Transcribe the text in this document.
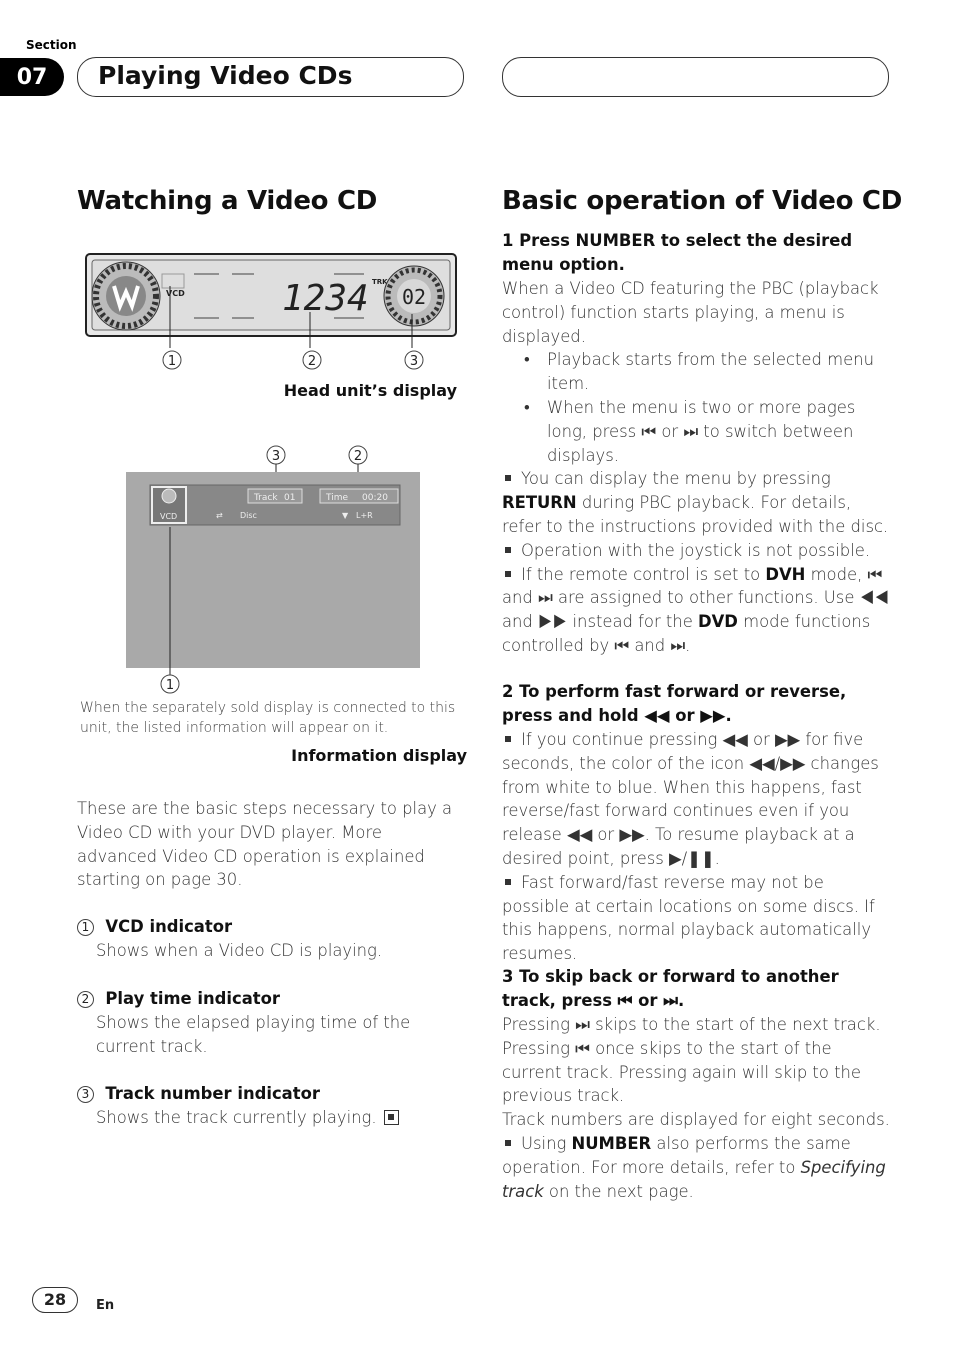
Section
07	Playing Video CDs
Watching a Video CD
VCD	1234 TRK
02
1	2	3
Head unit’s display
3	2
VCD
Track 01	Time 00:20
⇄ Disc	▼ L+R
1
When the separately sold display is connected to this unit, the listed information will appear on it.
Information display
These are the basic steps necessary to play a Video CD with your DVD player. More advanced Video CD operation is explained starting on page 30.
1 VCD indicator
Shows when a Video CD is playing.
2 Play time indicator
Shows the elapsed playing time of the current track.
3 Track number indicator
Shows the track currently playing.
Basic operation of Video CD
1 Press NUMBER to select the desired menu option.
When a Video CD featuring the PBC (playback control) function starts playing, a menu is displayed.
• Playback starts from the selected menu item.
• When the menu is two or more pages long, press ⏮ or ⏭ to switch between displays.
You can display the menu by pressing RETURN during PBC playback. For details, refer to the instructions provided with the disc.
Operation with the joystick is not possible.
If the remote control is set to DVH mode, ⏮ and ⏭ are assigned to other functions. Use ◀◀ and ▶▶ instead for the DVD mode functions controlled by ⏮ and ⏭.
2 To perform fast forward or reverse, press and hold ◀◀ or ▶▶.
If you continue pressing ◀◀ or ▶▶ for five seconds, the color of the icon ◀◀/▶▶ changes from white to blue. When this happens, fast reverse/fast forward continues even if you release ◀◀ or ▶▶. To resume playback at a desired point, press ▶/❚❚.
Fast forward/fast reverse may not be possible at certain locations on some discs. If this happens, normal playback automatically resumes.
3 To skip back or forward to another track, press ⏮ or ⏭.
Pressing ⏭ skips to the start of the next track. Pressing ⏮ once skips to the start of the current track. Pressing again will skip to the previous track.
Track numbers are displayed for eight seconds.
Using NUMBER also performs the same operation. For more details, refer to Specifying track on the next page.
28	En
